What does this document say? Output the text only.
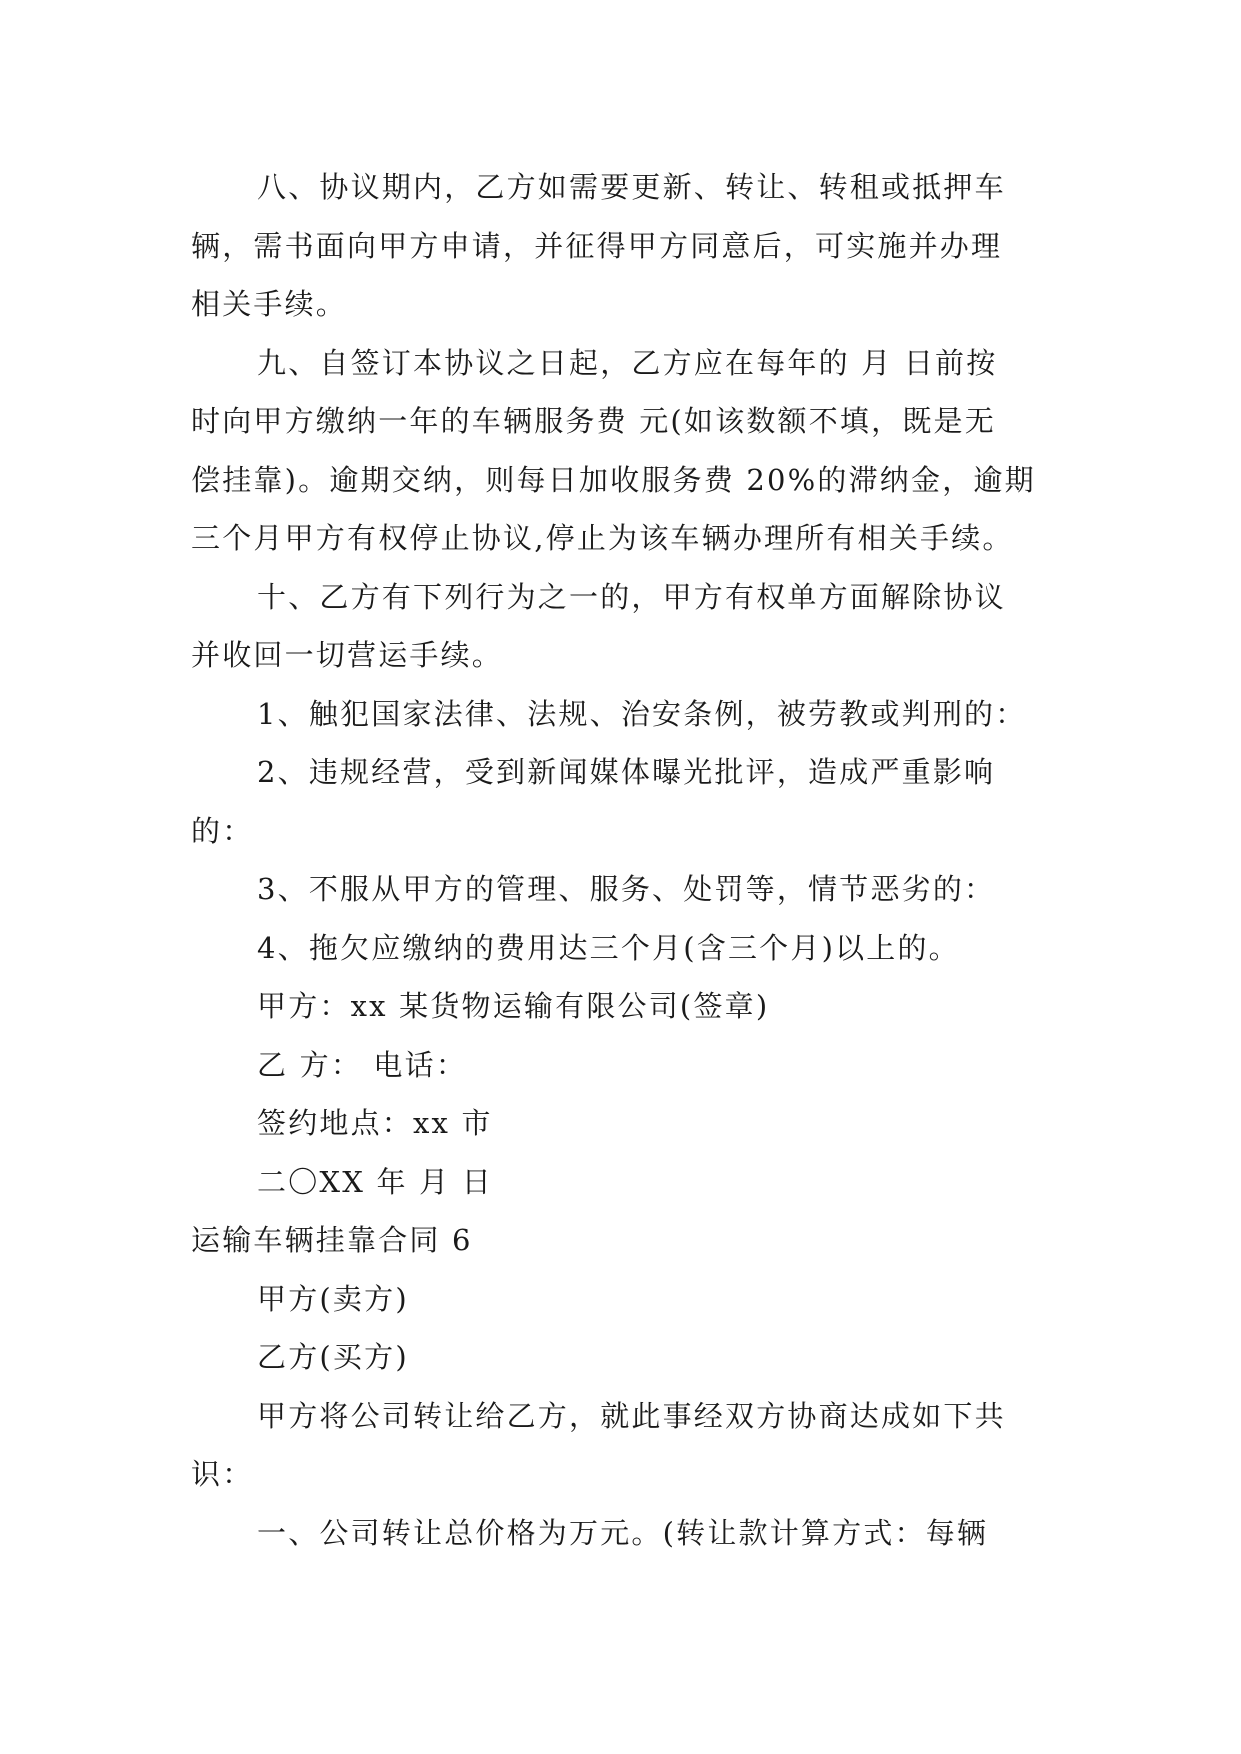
八、协议期内，乙方如需要更新、转让、转租或抵押车
辆，需书面向甲方申请，并征得甲方同意后，可实施并办理
相关手续。
九、自签订本协议之日起，乙方应在每年的 月 日前按
时向甲方缴纳一年的车辆服务费 元(如该数额不填，既是无
偿挂靠)。逾期交纳，则每日加收服务费 20%的滞纳金，逾期
三个月甲方有权停止协议,停止为该车辆办理所有相关手续。
十、乙方有下列行为之一的，甲方有权单方面解除协议
并收回一切营运手续。
1、触犯国家法律、法规、治安条例，被劳教或判刑的：
2、违规经营，受到新闻媒体曝光批评，造成严重影响
的：
3、不服从甲方的管理、服务、处罚等，情节恶劣的：
4、拖欠应缴纳的费用达三个月(含三个月)以上的。
甲方：xx 某货物运输有限公司(签章)
乙 方： 电话：
签约地点：xx 市
二〇XX 年 月 日
运输车辆挂靠合同 6
甲方(卖方)
乙方(买方)
甲方将公司转让给乙方，就此事经双方协商达成如下共
识：
一、公司转让总价格为万元。(转让款计算方式：每辆
